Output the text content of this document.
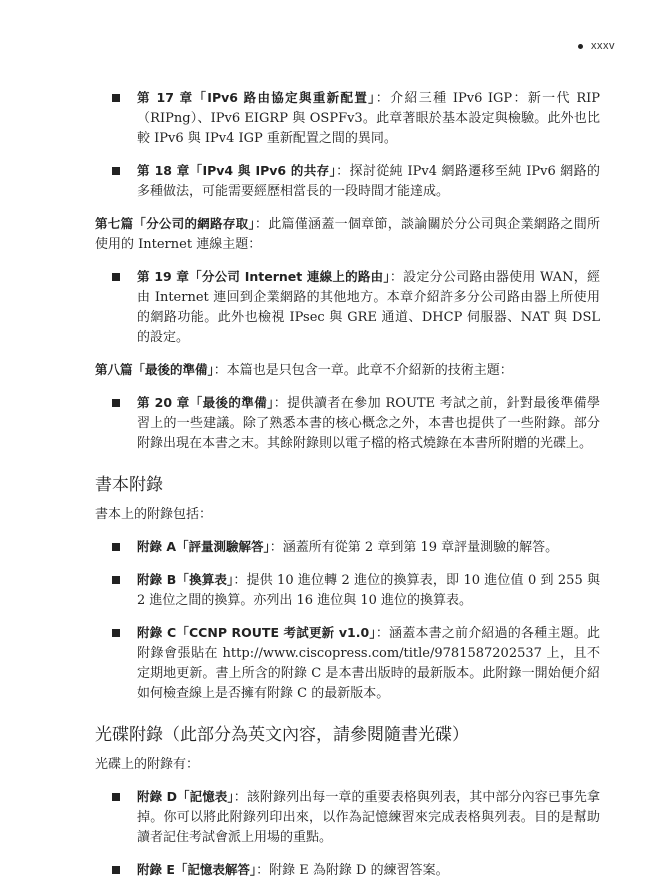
xxxv
第 17 章「IPv6 路由協定與重新配置」：介紹三種 IPv6 IGP：新一代 RIP（RIPng）、IPv6 EIGRP 與 OSPFv3。此章著眼於基本設定與檢驗。此外也比較 IPv6 與 IPv4 IGP 重新配置之間的異同。
第 18 章「IPv4 與 IPv6 的共存」：探討從純 IPv4 網路遷移至純 IPv6 網路的多種做法，可能需要經歷相當長的一段時間才能達成。

第七篇「分公司的網路存取」：此篇僅涵蓋一個章節，談論關於分公司與企業網路之間所使用的 Internet 連線主題：

第 19 章「分公司 Internet 連線上的路由」：設定分公司路由器使用 WAN，經由 Internet 連回到企業網路的其他地方。本章介紹許多分公司路由器上所使用的網路功能。此外也檢視 IPsec 與 GRE 通道、DHCP 伺服器、NAT 與 DSL 的設定。

第八篇「最後的準備」：本篇也是只包含一章。此章不介紹新的技術主題：

第 20 章「最後的準備」：提供讀者在參加 ROUTE 考試之前，針對最後準備學習上的一些建議。除了熟悉本書的核心概念之外，本書也提供了一些附錄。部分附錄出現在本書之末。其餘附錄則以電子檔的格式燒錄在本書所附贈的光碟上。
書本附錄

書本上的附錄包括：

附錄 A「評量測驗解答」：涵蓋所有從第 2 章到第 19 章評量測驗的解答。
附錄 B「換算表」：提供 10 進位轉 2 進位的換算表，即 10 進位值 0 到 255 與 2 進位之間的換算。亦列出 16 進位與 10 進位的換算表。
附錄 C「CCNP ROUTE 考試更新 v1.0」：涵蓋本書之前介紹過的各種主題。此附錄會張貼在 http://www.ciscopress.com/title/9781587202537 上，且不定期地更新。書上所含的附錄 C 是本書出版時的最新版本。此附錄一開始便介紹如何檢查線上是否擁有附錄 C 的最新版本。
光碟附錄（此部分為英文內容，請參閱隨書光碟）

光碟上的附錄有：

附錄 D「記憶表」：該附錄列出每一章的重要表格與列表，其中部分內容已事先拿掉。你可以將此附錄列印出來，以作為記憶練習來完成表格與列表。目的是幫助讀者記住考試會派上用場的重點。
附錄 E「記憶表解答」：附錄 E 為附錄 D 的練習答案。
